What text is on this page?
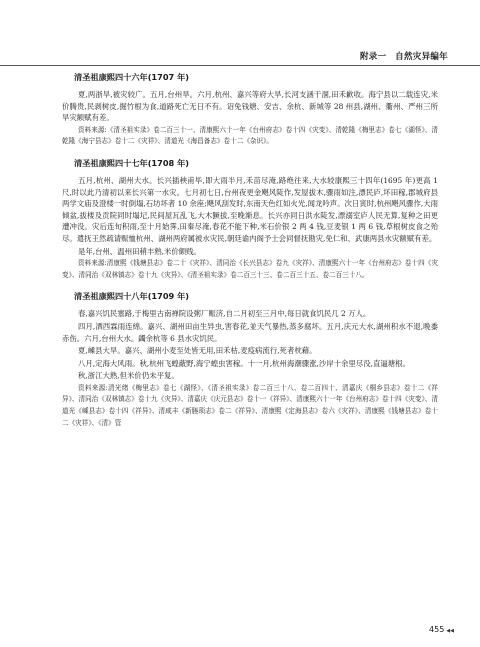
附录一　自然灾异编年
清圣祖康熙四十六年(1707 年)

夏,两浙旱,被灾较广。五月,台州旱。六月,杭州、嘉兴等府大旱,长河支涵干涸,田禾歉收。海宁县以二载连灾,米价腾贵,民剥树皮,掘竹根为食,道路死亡无日不有。诏免钱塘、安吉、余杭、新城等 28 州县,湖州、衢州、严州三所旱灾额赋有差。

资料来源:《清圣祖实录》卷二百三十一、清康熙六十一年《台州府志》卷十四《灾变》、清乾隆《梅里志》卷七《湖怪》、清乾隆《海宁县志》卷十二《灾祥》、清道光《海昌备志》卷十二《杂识》。

清圣祖康熙四十七年(1708 年)

五月,杭州、湖州大水。长兴插秧甫毕,即大雨半月,禾苗尽淹,路绝往来,大水较康熙三十四年(1695 年)更高 1 尺,时以此乃清初以来长兴第一水灾。七月初七日,台州夜更金飓风陡作,发屋拔木,骤雨如注,漂民庐,坏田稼,郡城府县两学文庙及澄楼一时倒塌,石坊坏者 10 余座;飓风刮发时,东南天色红如火光,闻龙吟声。次日寅时,杭州飓风骤作,大雨倾盆,拔楼及贡院同时塌圮,民间屋瓦乱飞,大木獗拔,至晚渐息。长兴亦同日洪水陡发,漂溺室庐人民无算,复种之田更遭冲没。灾后连旬积雨,至十月始霁,田秦尽淹,春花不能下种,米石价银 2 两 4 钱,豆麦银 1 两 6 钱,草根树皮食之殆尽。遣抚王然疏请赈恤杭州、湖州两府属被水灾民,朝廷谕内阁予士会同督抚勘灾,免仁和、武康两县水灾额赋有差。

是年,台州、温州田稍丰熟,米价颇贱。

资料来源:清康熙《钱塘县志》卷二十《灾祥》、清同治《长兴县志》卷九《灾祥》、清康熙六十一年《台州府志》卷十四《灾变》、清同治《双林镇志》卷十九《灾异》、《清圣祖实录》卷二百三十三、卷二百三十五、卷二百三十八。

清圣祖康熙四十八年(1709 年)

春,嘉兴饥民塞路,于梅里古南禅院设粥厂赈济,自二月初至三月中,每日就食饥民几 2 万人。

四月,洒西霖雨连绵。嘉兴、湖州田亩生异虫,害春花,並天气暴热,蒸多腐坏。五月,庆元大水,湖州积水不退,晚黍赤伤。六月,台州大水。蠲余杭等 6 县水灾饥民。

夏,嵊县大旱。嘉兴、湖州小麦至处皆无用,田禾枯,麦疫病流行,死者枕藉。

八月,定海大风雨。秋,杭州飞蝗蔽野,海宁蝗虫害稼。十一月,杭州海潮骤涨,沙岸十余里尽没,直逼塘根。

秋,浙江大熟,但米价仍未平复。

资料来源:清光绪《梅里志》卷七《湖怪》、《清圣祖实录》卷二百三十八、卷二百四十、清嘉庆《桐乡县志》卷十二《祥异》、清同治《双林镇志》卷十九《灾异》、清嘉庆《庆元县志》卷十一《祥异》、清康熙六十一年《台州府志》卷十四《灾变》、清道光《嵊县志》卷十四《祥异》、清咸丰《新塍琐志》卷二《祥异》、清康熙《定海县志》卷六《灾祥》、清康熙《钱塘县志》卷十二《灾祥》、《清》管

455 ◀◀
